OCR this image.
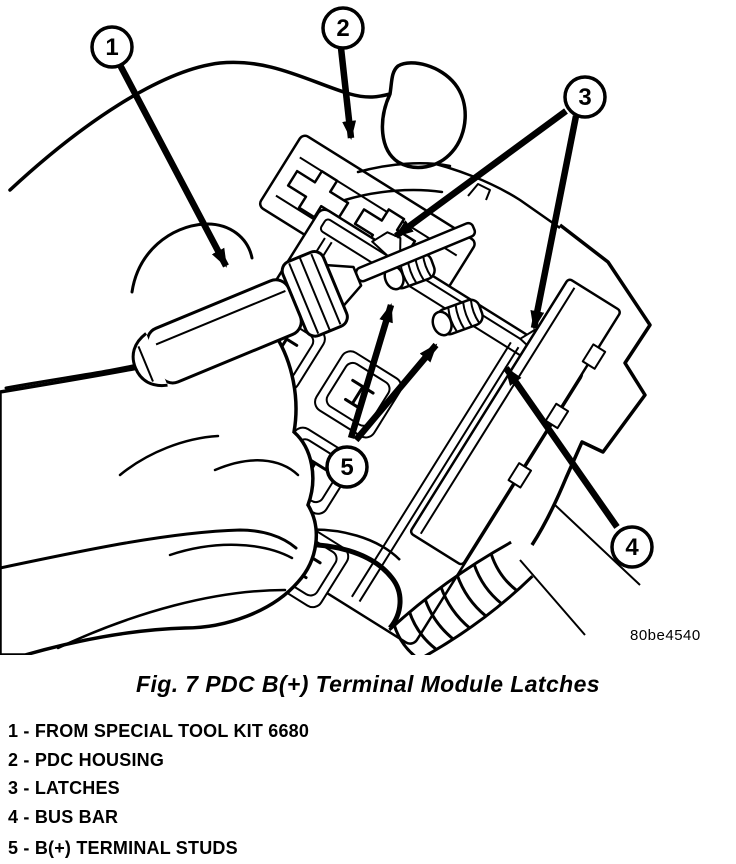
1
2
3
4
5
80be4540
Fig. 7 PDC B(+) Terminal Module Latches
1 - FROM SPECIAL TOOL KIT 6680
2 - PDC HOUSING
3 - LATCHES
4 - BUS BAR
5 - B(+) TERMINAL STUDS
